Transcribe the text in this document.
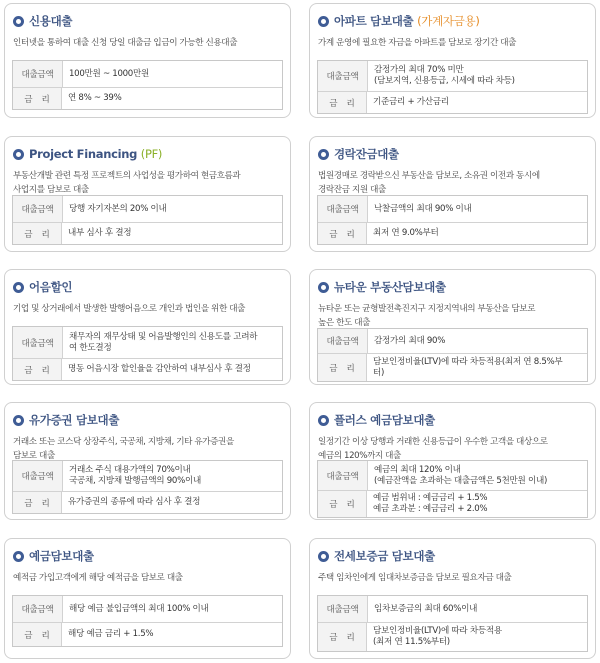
신용대출
인터넷을 통하여 대출 신청 당일 대출금 입금이 가능한 신용대출
대출금액	100만원 ~ 1000만원
금리	연 8% ~ 39%
아파트 담보대출 (가계자금용)
가계 운영에 필요한 자금을 아파트를 담보로 장기간 대출
대출금액
감정가의 최대 70% 미만
(담보지역, 신용등급, 시세에 따라 차등)
금리	기준금리 + 가산금리
Project Financing (PF)
부동산개발 관련 특정 프로젝트의 사업성을 평가하여 현금흐름과
사업지를 담보로 대출
대출금액	당행 자기자본의 20% 이내
금리	내부 심사 후 결정
경락잔금대출
법원경매로 경락받으신 부동산을 담보로, 소유권 이전과 동시에
경락잔금 지원 대출
대출금액	낙찰금액의 최대 90% 이내
금리	최저 연 9.0%부터
어음할인
기업 및 상거래에서 발생한 발행어음으로 개인과 법인을 위한 대출
대출금액
채무자의 재무상태 및 어음발행인의 신용도를 고려하
여 한도결정
금리	명동 어음시장 할인율을 감안하여 내부심사 후 결정
뉴타운 부동산담보대출
뉴타운 또는 균형발전촉진지구 지정지역내의 부동산을 담보로
높은 한도 대출
대출금액	감정가의 최대 90%
금리
담보인정비율(LTV)에 따라 차등적용(최저 연 8.5%부
터)
유가증권 담보대출
거래소 또는 코스닥 상장주식, 국공채, 지방채, 기타 유가증권을
담보로 대출
대출금액
거래소 주식 대용가액의 70%이내
국공채, 지방채 발행금액의 90%이내
금리	유가증권의 종류에 따라 심사 후 결정
플러스 예금담보대출
일정기간 이상 당행과 거래한 신용등급이 우수한 고객을 대상으로
예금의 120%까지 대출
대출금액
예금의 최대 120% 이내
(예금잔액을 초과하는 대출금액은 5천만원 이내)
금리
예금 범위내 : 예금금리 + 1.5%
예금 초과분 : 예금금리 + 2.0%
예금담보대출
예적금 가입고객에게 해당 예적금을 담보로 대출
대출금액	해당 예금 불입금액의 최대 100% 이내
금리	해당 예금 금리 + 1.5%
전세보증금 담보대출
주택 임차인에게 임대차보증금을 담보로 필요자금 대출
대출금액	임차보증금의 최대 60%이내
금리
담보인정비율(LTV)에 따라 차등적용
(최저 연 11.5%부터)
